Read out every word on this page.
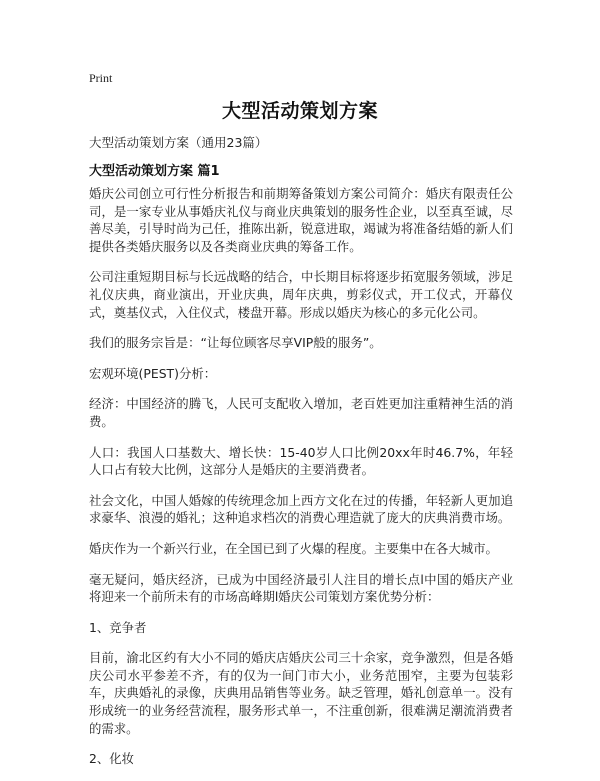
Print
大型活动策划方案
大型活动策划方案（通用23篇）
大型活动策划方案 篇1

婚庆公司创立可行性分析报告和前期筹备策划方案公司简介：婚庆有限责任公司，是一家专业从事婚庆礼仪与商业庆典策划的服务性企业，以至真至诚，尽善尽美，引导时尚为己任，推陈出新，锐意进取，竭诚为将准备结婚的新人们提供各类婚庆服务以及各类商业庆典的筹备工作。

公司注重短期目标与长远战略的结合，中长期目标将逐步拓宽服务领域，涉足礼仪庆典，商业演出，开业庆典，周年庆典，剪彩仪式，开工仪式，开幕仪式，奠基仪式，入住仪式，楼盘开幕。形成以婚庆为核心的多元化公司。

我们的服务宗旨是：“让每位顾客尽享VIP般的服务”。

宏观环境(PEST)分析：

经济：中国经济的腾飞，人民可支配收入增加，老百姓更加注重精神生活的消费。

人口：我国人口基数大、增长快：15-40岁人口比例20xx年时46.7%，年轻人口占有较大比例，这部分人是婚庆的主要消费者。

社会文化，中国人婚嫁的传统理念加上西方文化在过的传播，年轻新人更加追求豪华、浪漫的婚礼；这种追求档次的消费心理造就了庞大的庆典消费市场。

婚庆作为一个新兴行业，在全国已到了火爆的程度。主要集中在各大城市。

毫无疑问，婚庆经济，已成为中国经济最引人注目的增长点l中国的婚庆产业将迎来一个前所未有的市场高峰期l婚庆公司策划方案优势分析：

1、竞争者

目前，渝北区约有大小不同的婚庆店婚庆公司三十余家，竞争激烈，但是各婚庆公司水平参差不齐，有的仅为一间门市大小，业务范围窄，主要为包装彩车，庆典婚礼的录像，庆典用品销售等业务。缺乏管理，婚礼创意单一。没有形成统一的业务经营流程，服务形式单一，不注重创新，很难满足潮流消费者的需求。

2、化妆
